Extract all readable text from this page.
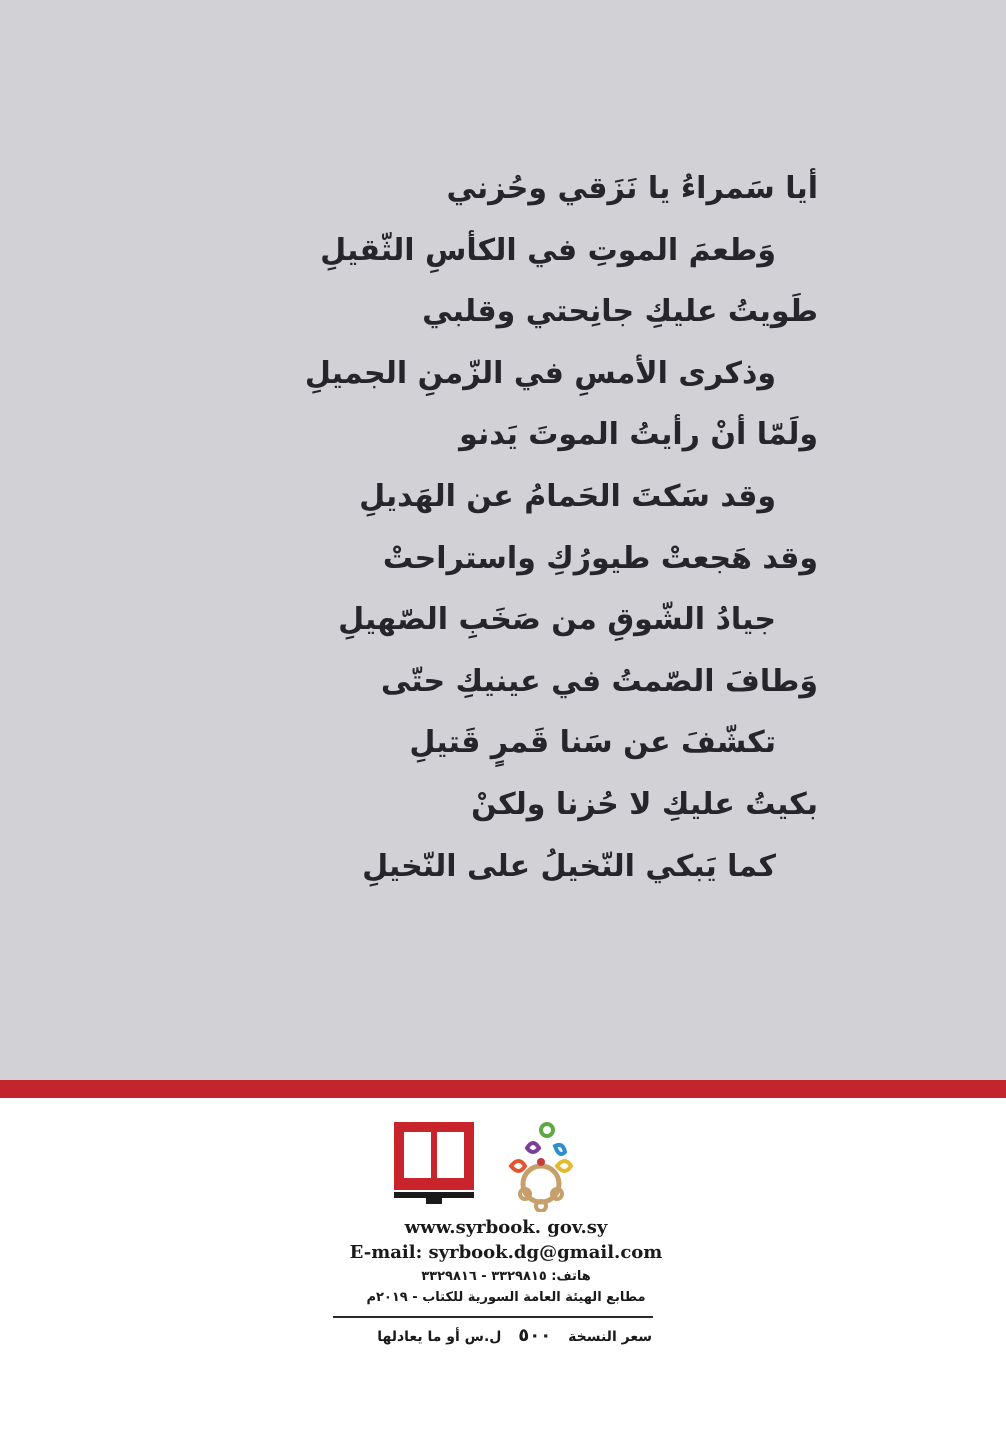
أيا سَمراءُ يا نَزَقي وحُزني
وَطعمَ الموتِ في الكأسِ الثّقيلِ
طَويتُ عليكِ جانِحتي وقلبي
وذكرى الأمسِ في الزّمنِ الجميلِ
ولَمّا أنْ رأيتُ الموتَ يَدنو
وقد سَكتَ الحَمامُ عن الهَديلِ
وقد هَجعتْ طيورُكِ واستراحتْ
جيادُ الشّوقِ من صَخَبِ الصّهيلِ
وَطافَ الصّمتُ في عينيكِ حتّى
تكشّفَ عن سَنا قَمرٍ قَتيلِ
بكيتُ عليكِ لا حُزنا ولكنْ
كما يَبكي النّخيلُ على النّخيلِ
www.syrbook. gov.sy
E-mail: syrbook.dg@gmail.com
هاتف: ٣٣٢٩٨١٥ - ٣٣٢٩٨١٦
مطابع الهيئة العامة السورية للكتاب - ٢٠١٩م
سعر النسخة ٥٠٠ ل.س أو ما يعادلها
